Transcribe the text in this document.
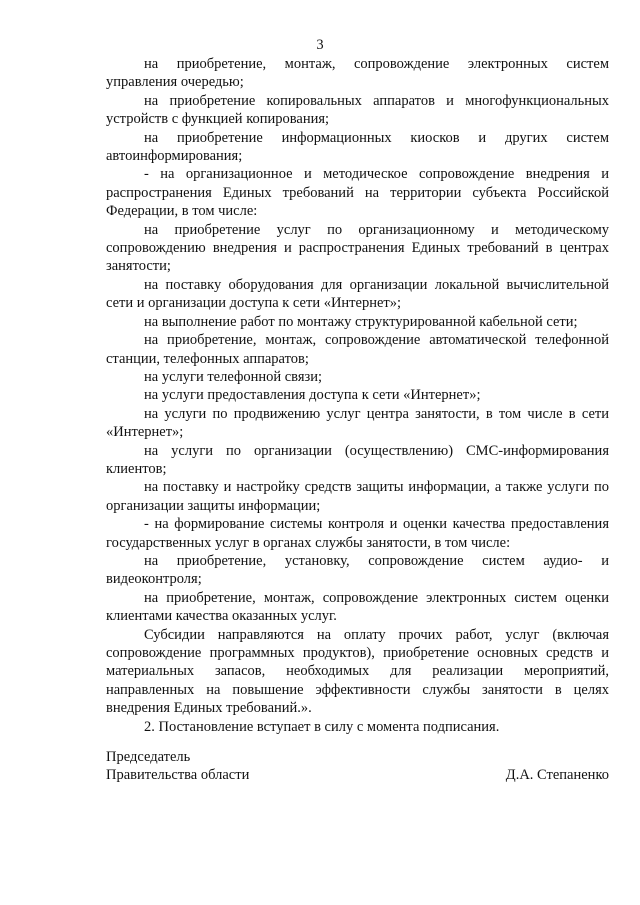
3

на приобретение, монтаж, сопровождение электронных систем управления очередью;

на приобретение копировальных аппаратов и многофункциональных устройств с функцией копирования;

на приобретение информационных киосков и других систем автоинформирования;

- на организационное и методическое сопровождение внедрения и распространения Единых требований на территории субъекта Российской Федерации, в том числе:

на приобретение услуг по организационному и методическому сопровождению внедрения и распространения Единых требований в центрах занятости;

на поставку оборудования для организации локальной вычислительной сети и организации доступа к сети «Интернет»;

на выполнение работ по монтажу структурированной кабельной сети;

на приобретение, монтаж, сопровождение автоматической телефонной станции, телефонных аппаратов;

на услуги телефонной связи;

на услуги предоставления доступа к сети «Интернет»;

на услуги по продвижению услуг центра занятости, в том числе в сети «Интернет»;

на услуги по организации (осуществлению) СМС-информирования клиентов;

на поставку и настройку средств защиты информации, а также услуги по организации защиты информации;

- на формирование системы контроля и оценки качества предоставления государственных услуг в органах службы занятости, в том числе:

на приобретение, установку, сопровождение систем аудио- и видеоконтроля;

на приобретение, монтаж, сопровождение электронных систем оценки клиентами качества оказанных услуг.

Субсидии направляются на оплату прочих работ, услуг (включая сопровождение программных продуктов), приобретение основных средств и материальных запасов, необходимых для реализации мероприятий, направленных на повышение эффективности службы занятости в целях внедрения Единых требований.».

2. Постановление вступает в силу с момента подписания.

Председатель
Правительства области	Д.А. Степаненко
